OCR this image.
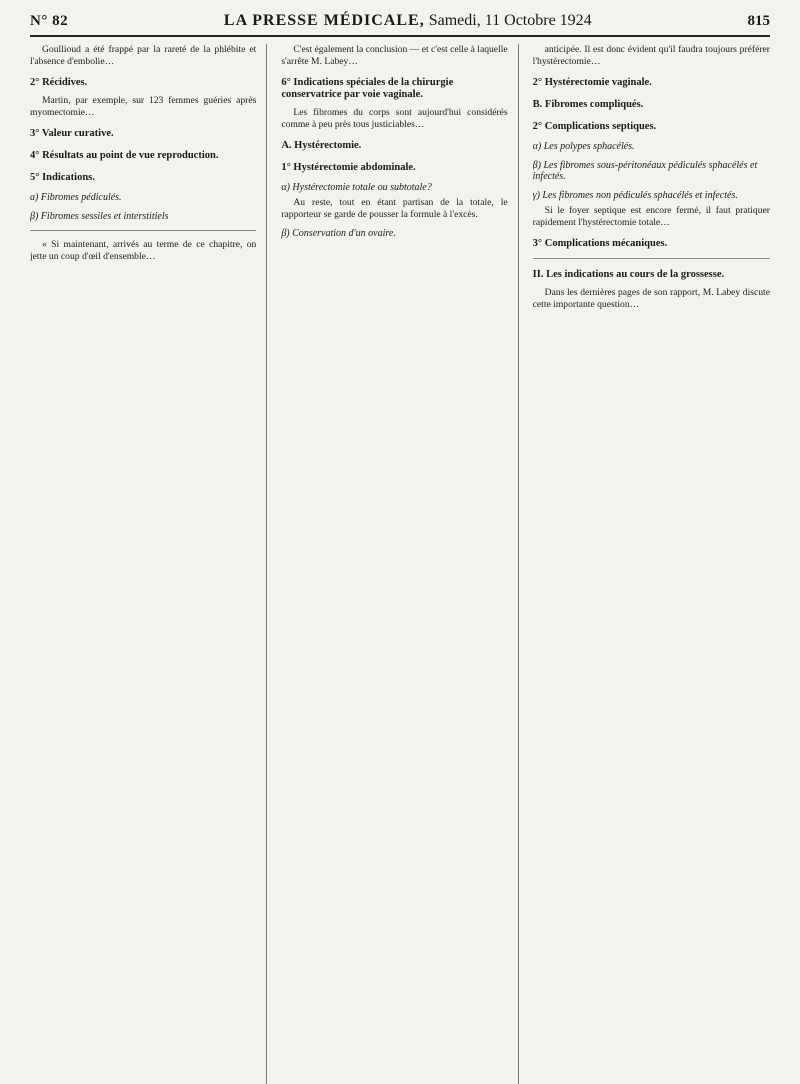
N° 82	LA PRESSE MÉDICALE, Samedi, 11 Octobre 1924	815

Goullioud a été frappé par la rareté de la phlébite et l'absence d'embolie…

2° Récidives.

Martin, par exemple, sur 123 femmes guéries après myomectomie…

3° Valeur curative.
4° Résultats au point de vue reproduction.
5° Indications.
a) Fibromes pédiculés.
β) Fibromes sessiles et interstitiels

« Si maintenant, arrivés au terme de ce chapitre, on jette un coup d'œil d'ensemble…

C'est également la conclusion — et c'est celle à laquelle s'arrête M. Labey…

6° Indications spéciales de la chirurgie conservatrice par voie vaginale.

Les fibromes du corps sont aujourd'hui considérés comme à peu près tous justiciables…

A. Hystérectomie.
1° Hystérectomie abdominale.
α) Hystérectomie totale ou subtotale?

Au reste, tout en étant partisan de la totale, le rapporteur se garde de pousser la formule à l'excès.

β) Conservation d'un ovaire.

anticipée. Il est donc évident qu'il faudra toujours préférer l'hystérectomie…

2° Hystérectomie vaginale.
B. Fibromes compliqués.
2° Complications septiques.
α) Les polypes sphacélés.
β) Les fibromes sous-péritonéaux pédiculés sphacélés et infectés.
γ) Les fibromes non pédiculés sphacélés et infectés.

Si le foyer septique est encore fermé, il faut pratiquer rapidement l'hystérectomie totale…

3° Complications mécaniques.
II. Les indications au cours de la grossesse.

Dans les dernières pages de son rapport, M. Labey discute cette importante question…
